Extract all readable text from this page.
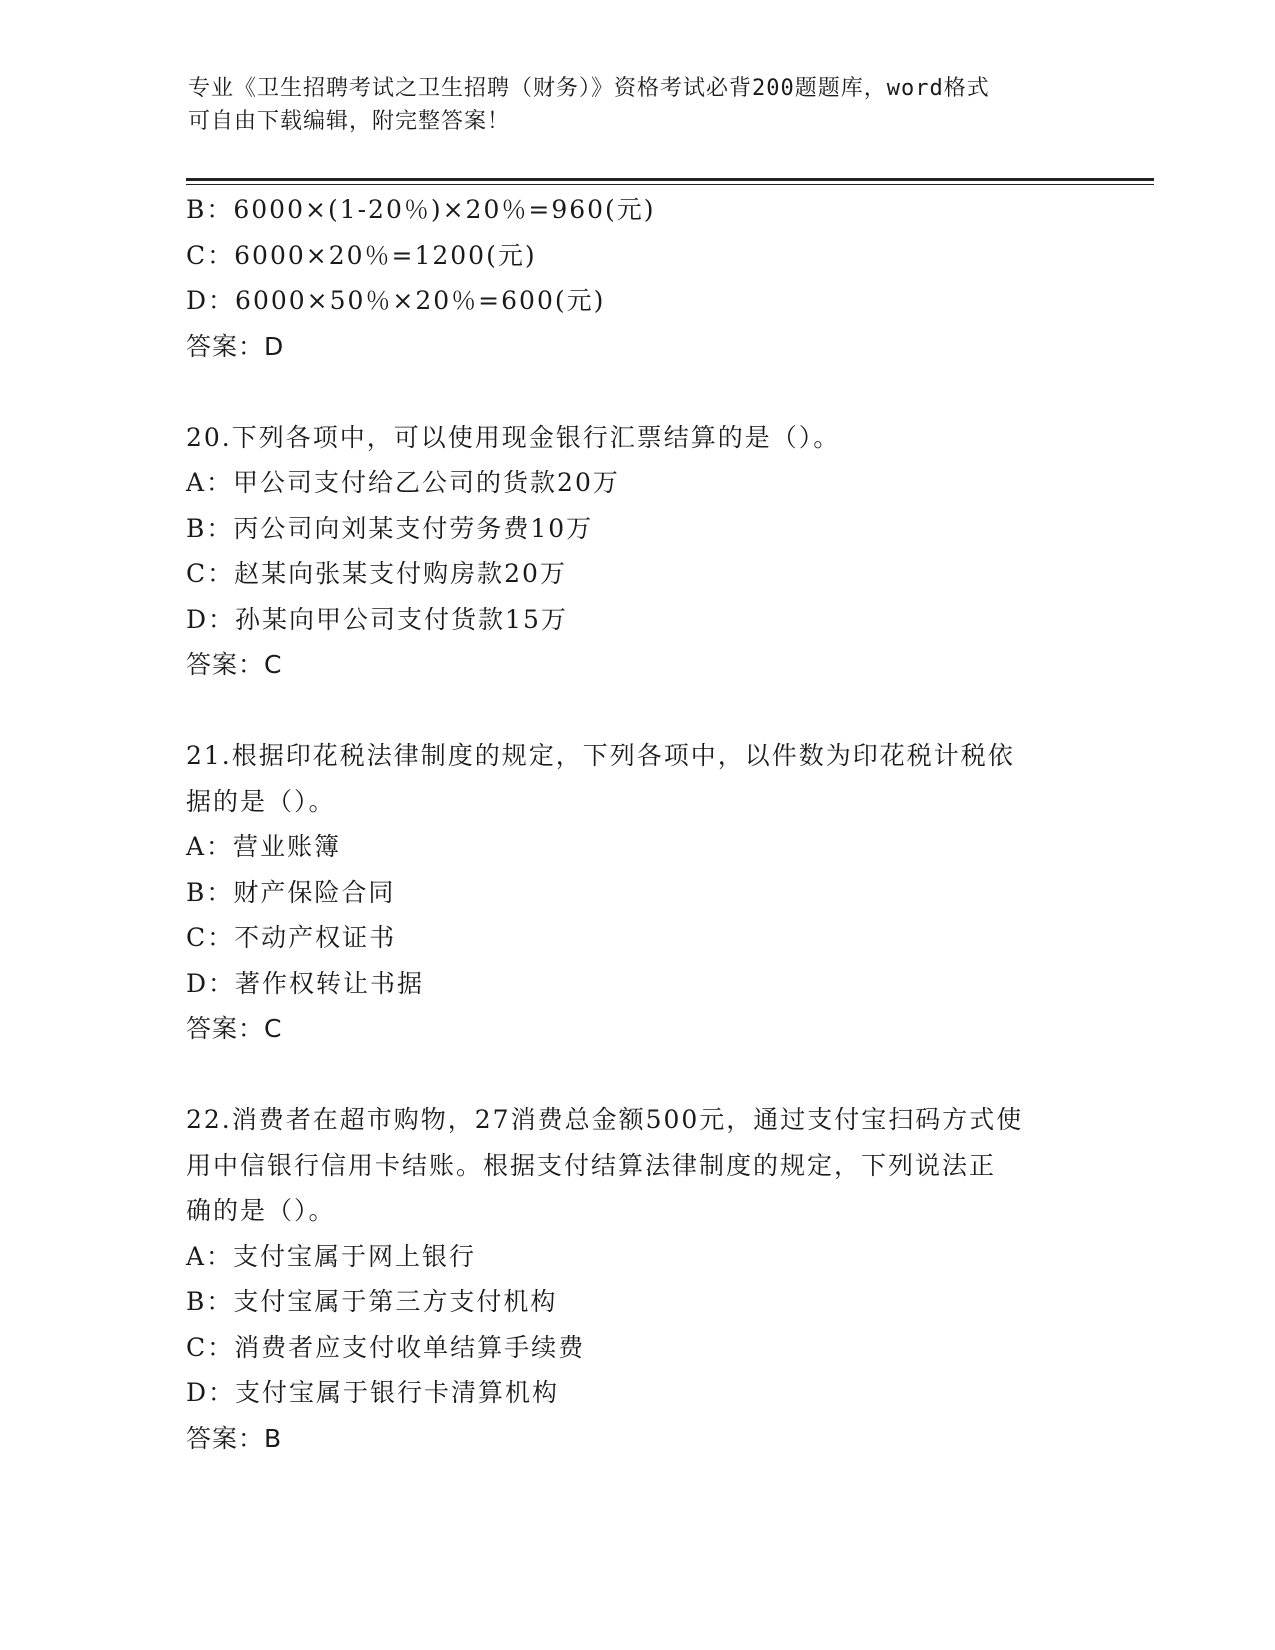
专业《卫生招聘考试之卫生招聘（财务）》资格考试必背200题题库，word格式
可自由下载编辑，附完整答案！
B：6000×(1-20％)×20％=960(元)
C：6000×20％=1200(元)
D：6000×50％×20％=600(元)
答案：D
20.下列各项中，可以使用现金银行汇票结算的是（）。
A：甲公司支付给乙公司的货款20万
B：丙公司向刘某支付劳务费10万
C：赵某向张某支付购房款20万
D：孙某向甲公司支付货款15万
答案：C
21.根据印花税法律制度的规定，下列各项中，以件数为印花税计税依
据的是（）。
A：营业账簿
B：财产保险合同
C：不动产权证书
D：著作权转让书据
答案：C
22.消费者在超市购物，27消费总金额500元，通过支付宝扫码方式使
用中信银行信用卡结账。根据支付结算法律制度的规定，下列说法正
确的是（）。
A：支付宝属于网上银行
B：支付宝属于第三方支付机构
C：消费者应支付收单结算手续费
D：支付宝属于银行卡清算机构
答案：B
